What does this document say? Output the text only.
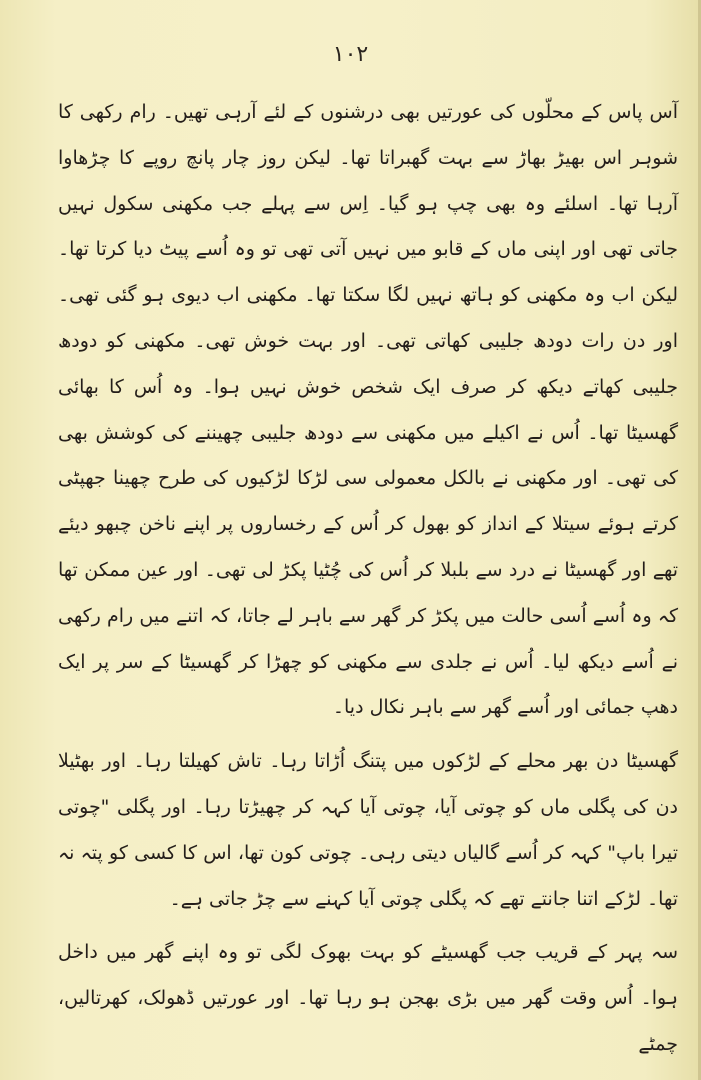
۱۰۲

آس پاس کے محلّوں کی عورتیں بھی درشنوں کے لئے آرہی تھیں۔ رام رکھی کا شوہر اس بھیڑ بھاڑ سے بہت گھبراتا تھا۔ لیکن روز چار پانچ روپے کا چڑھاوا آرہا تھا۔ اسلئے وہ بھی چپ ہو گیا۔ اِس سے پہلے جب مکھنی سکول نہیں جاتی تھی اور اپنی ماں کے قابو میں نہیں آتی تھی تو وہ اُسے پیٹ دیا کرتا تھا۔ لیکن اب وہ مکھنی کو ہاتھ نہیں لگا سکتا تھا۔ مکھنی اب دیوی ہو گئی تھی۔ اور دن رات دودھ جلیبی کھاتی تھی۔ اور بہت خوش تھی۔ مکھنی کو دودھ جلیبی کھاتے دیکھ کر صرف ایک شخص خوش نہیں ہوا۔ وہ اُس کا بھائی گھسیٹا تھا۔ اُس نے اکیلے میں مکھنی سے دودھ جلیبی چھیننے کی کوشش بھی کی تھی۔ اور مکھنی نے بالکل معمولی سی لڑکا لڑکیوں کی طرح چھینا جھپٹی کرتے ہوئے سیتلا کے انداز کو بھول کر اُس کے رخساروں پر اپنے ناخن چبھو دیئے تھے اور گھسیٹا نے درد سے بلبلا کر اُس کی چُٹیا پکڑ لی تھی۔ اور عین ممکن تھا کہ وہ اُسے اُسی حالت میں پکڑ کر گھر سے باہر لے جاتا، کہ اتنے میں رام رکھی نے اُسے دیکھ لیا۔ اُس نے جلدی سے مکھنی کو چھڑا کر گھسیٹا کے سر پر ایک دھپ جمائی اور اُسے گھر سے باہر نکال دیا۔

گھسیٹا دن بھر محلے کے لڑکوں میں پتنگ اُڑاتا رہا۔ تاش کھیلتا رہا۔ اور بھٹیلا دن کی پگلی ماں کو چوتی آیا، چوتی آیا کہہ کر چھیڑتا رہا۔ اور پگلی "چوتی تیرا باپ" کہہ کر اُسے گالیاں دیتی رہی۔ چوتی کون تھا، اس کا کسی کو پتہ نہ تھا۔ لڑکے اتنا جانتے تھے کہ پگلی چوتی آیا کہنے سے چڑ جاتی ہے۔

سہ پہر کے قریب جب گھسیٹے کو بہت بھوک لگی تو وہ اپنے گھر میں داخل ہوا۔ اُس وقت گھر میں بڑی بھجن ہو رہا تھا۔ اور عورتیں ڈھولک، کھرتالیں، چمٹے
